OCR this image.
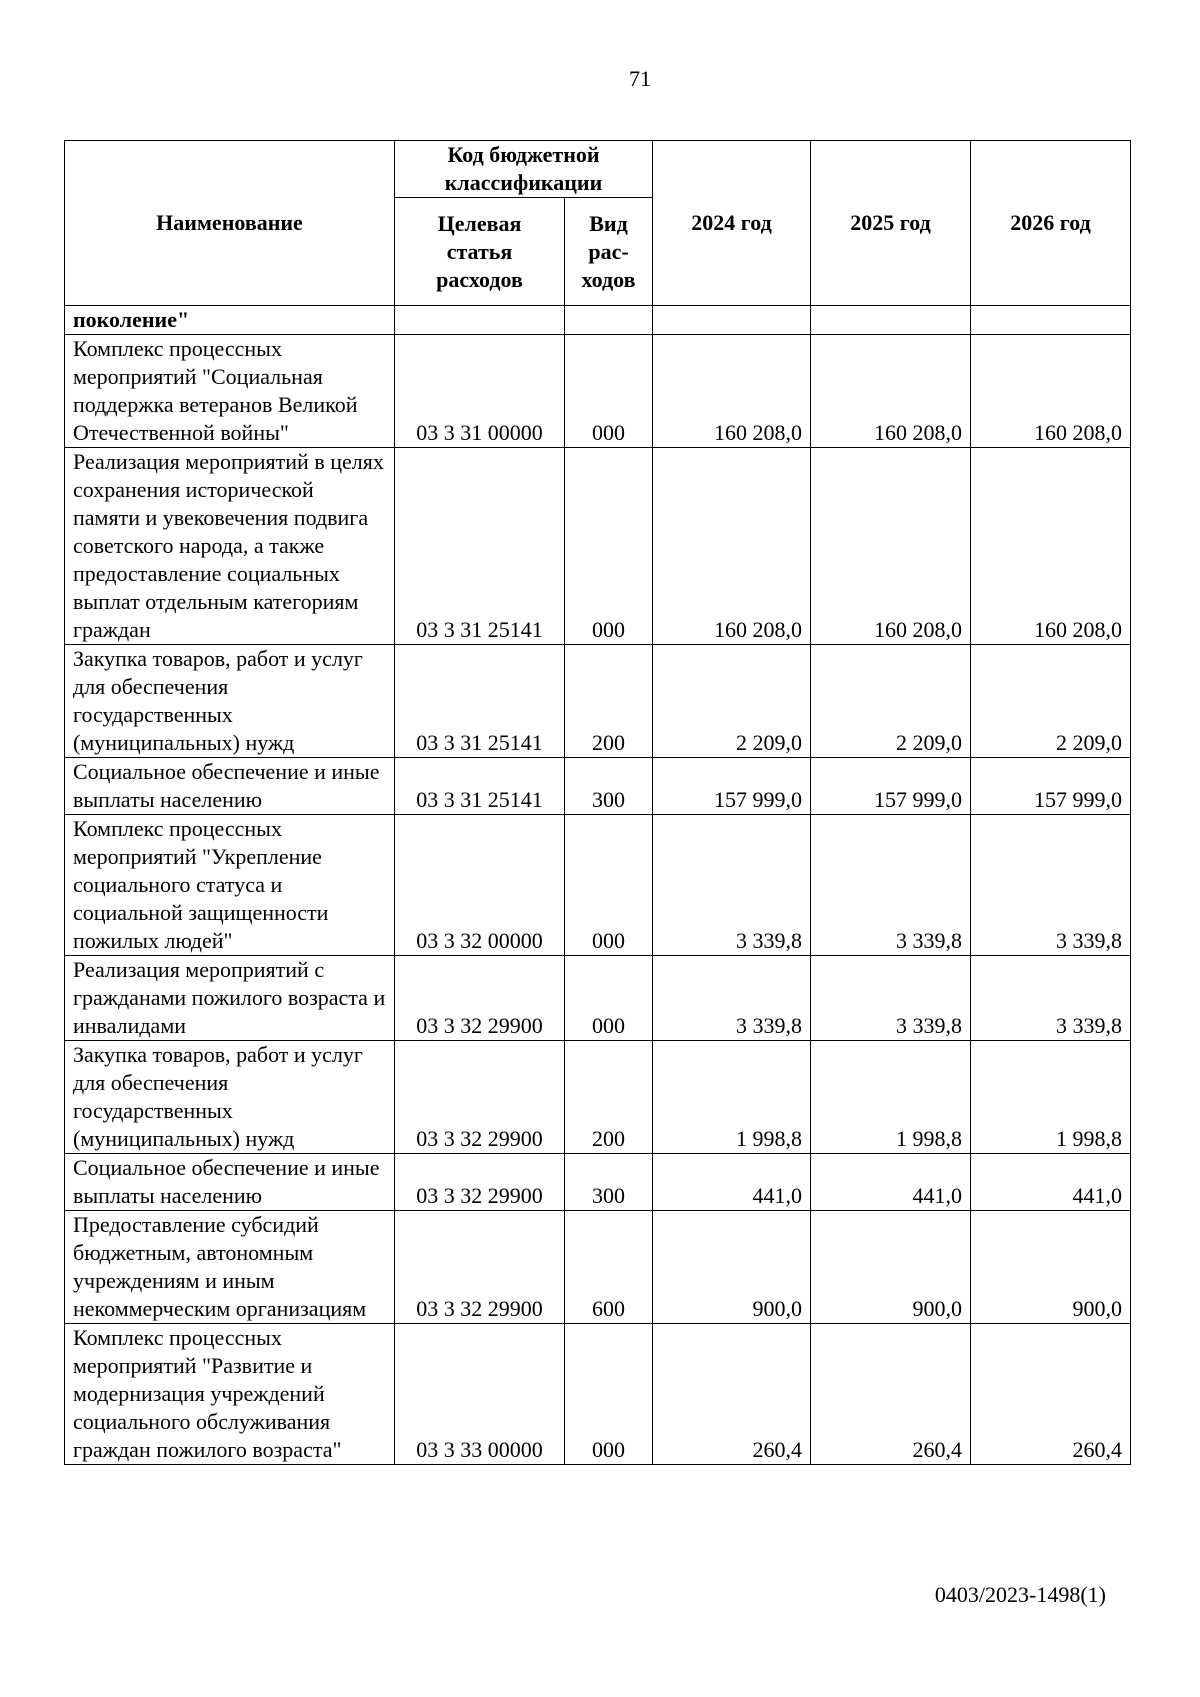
71
Наименование	Код бюджетной классификации		2024 год	2025 год	2026 год
	Целевая статья расходов	Вид рас-ходов			
поколение"					
Комплекс процессных мероприятий "Социальная поддержка ветеранов Великой Отечественной войны"	03 3 31 00000	000	160 208,0	160 208,0	160 208,0
Реализация мероприятий в целях сохранения исторической памяти и увековечения подвига советского народа, а также предоставление социальных выплат отдельным категориям граждан	03 3 31 25141	000	160 208,0	160 208,0	160 208,0
Закупка товаров, работ и услуг для обеспечения государственных (муниципальных) нужд	03 3 31 25141	200	2 209,0	2 209,0	2 209,0
Социальное обеспечение и иные выплаты населению	03 3 31 25141	300	157 999,0	157 999,0	157 999,0
Комплекс процессных мероприятий "Укрепление социального статуса и социальной защищенности пожилых людей"	03 3 32 00000	000	3 339,8	3 339,8	3 339,8
Реализация мероприятий с гражданами пожилого возраста и инвалидами	03 3 32 29900	000	3 339,8	3 339,8	3 339,8
Закупка товаров, работ и услуг для обеспечения государственных (муниципальных) нужд	03 3 32 29900	200	1 998,8	1 998,8	1 998,8
Социальное обеспечение и иные выплаты населению	03 3 32 29900	300	441,0	441,0	441,0
Предоставление субсидий бюджетным, автономным учреждениям и иным некоммерческим организациям	03 3 32 29900	600	900,0	900,0	900,0
Комплекс процессных мероприятий "Развитие и модернизация учреждений социального обслуживания граждан пожилого возраста"	03 3 33 00000	000	260,4	260,4	260,4
0403/2023-1498(1)
